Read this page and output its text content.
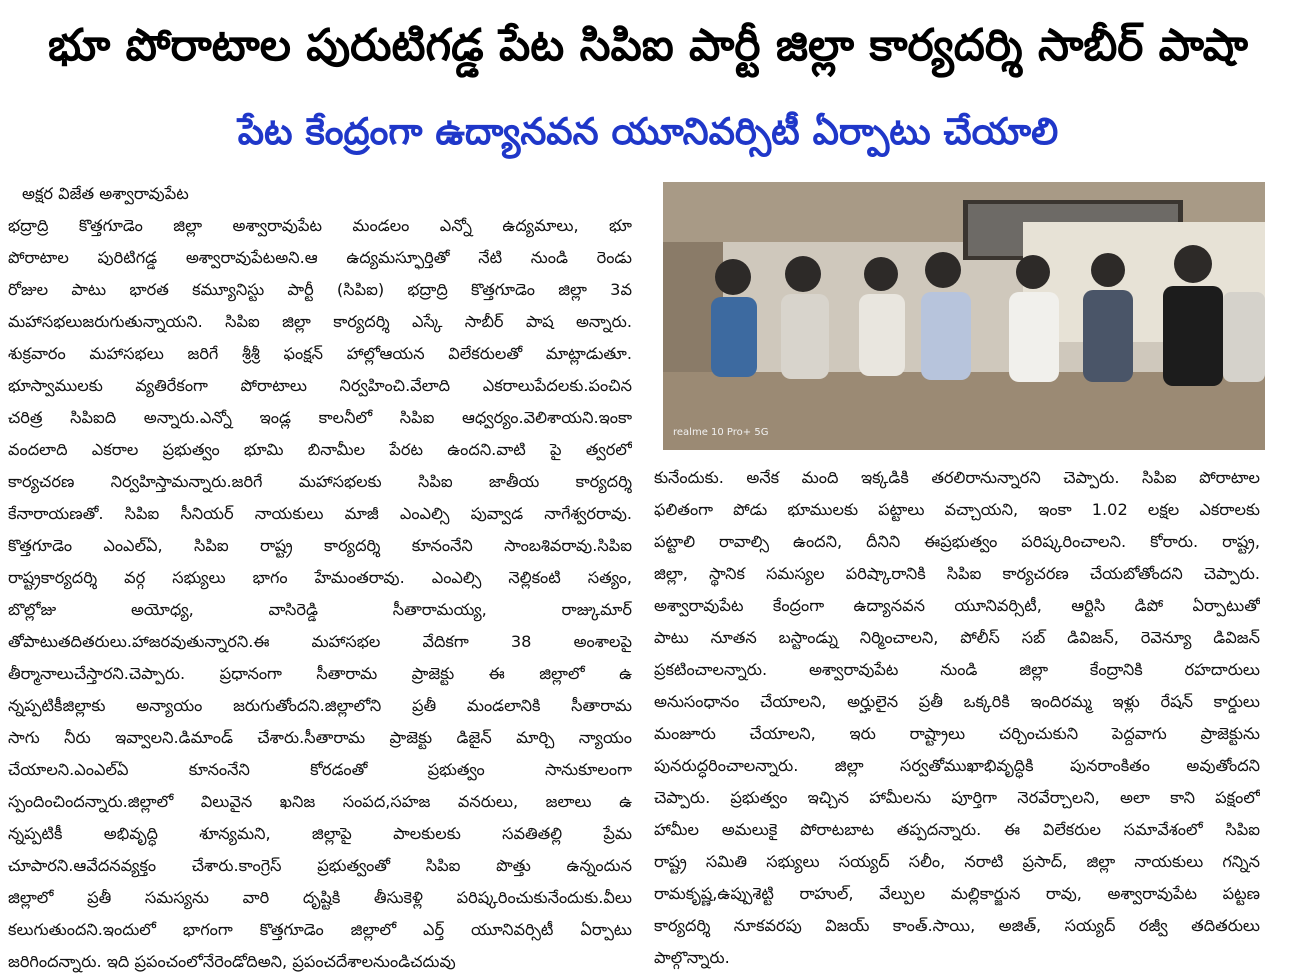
భూ పోరాటాల పురుటిగడ్డ పేట సిపిఐ పార్టీ జిల్లా కార్యదర్శి సాబీర్ పాషా
పేట కేంద్రంగా ఉద్యానవన యూనివర్సిటీ ఏర్పాటు చేయాలి
అక్షర విజేత అశ్వారావుపేట
భద్రాద్రి కొత్తగూడెం జిల్లా అశ్వారావుపేట మండలం ఎన్నో ఉద్యమాలు, భూ
పోరాటాల పురిటిగడ్డ అశ్వారావుపేటఅని.ఆ ఉద్యమస్ఫూర్తితో నేటి నుండి రెండు
రోజుల పాటు భారత కమ్యూనిస్టు పార్టీ (సిపిఐ) భద్రాద్రి కొత్తగూడెం జిల్లా 3వ
మహాసభలుజరుగుతున్నాయని. సిపిఐ జిల్లా కార్యదర్శి ఎస్కే సాబీర్ పాష అన్నారు.
శుక్రవారం మహాసభలు జరిగే శ్రీశ్రీ ఫంక్షన్ హాల్లోఆయన విలేకరులతో మాట్లాడుతూ.
భూస్వాములకు వ్యతిరేకంగా పోరాటాలు నిర్వహించి.వేలాది ఎకరాలుపేదలకు.పంచిన
చరిత్ర సిపిఐది అన్నారు.ఎన్నో ఇండ్ల కాలనీలో సిపిఐ ఆధ్వర్యం.వెలిశాయని.ఇంకా
వందలాది ఎకరాల ప్రభుత్వం భూమి బినామీల పేరట ఉందని.వాటి పై త్వరలో
కార్యచరణ నిర్వహిస్తామన్నారు.జరిగే మహాసభలకు సిపిఐ జాతీయ కార్యదర్శి
కేనారాయణతో. సిపిఐ సీనియర్ నాయకులు మాజీ ఎంఎల్సి పువ్వాడ నాగేశ్వరరావు.
కొత్తగూడెం ఎంఎల్ఏ, సిపిఐ రాష్ట్ర కార్యదర్శి కూనంనేని సాంబశివరావు.సిపిఐ
రాష్ట్రకార్యదర్శి వర్గ సభ్యులు భాగం హేమంతరావు. ఎంఎల్సి నెల్లికంటి సత్యం,
బొల్లోజు అయోధ్య, వాసిరెడ్డి సీతారామయ్య, రాజ్కుమార్
తోపాటుతదితరులు.హాజరవుతున్నారని.ఈ మహాసభల వేదికగా 38 అంశాలపై
తీర్మానాలుచేస్తారని.చెప్పారు. ప్రధానంగా సీతారామ ప్రాజెక్టు ఈ జిల్లాలో ఉ
న్నప్పటికీజిల్లాకు అన్యాయం జరుగుతోందని.జిల్లాలోని ప్రతీ మండలానికి సీతారామ
సాగు నీరు ఇవ్వాలని.డిమాండ్ చేశారు.సీతారామ ప్రాజెక్టు డిజైన్ మార్చి న్యాయం
చేయాలని.ఎంఎల్ఏ కూనంనేని కోరడంతో ప్రభుత్వం సానుకూలంగా
స్పందించిందన్నారు.జిల్లాలో విలువైన ఖనిజ సంపద,సహజ వనరులు, జలాలు ఉ
న్నప్పటికీ అభివృద్ధి శూన్యమని, జిల్లాపై పాలకులకు సవతితల్లి ప్రేమ
చూపారని.ఆవేదనవ్యక్తం చేశారు.కాంగ్రెస్ ప్రభుత్వంతో సిపిఐ పొత్తు ఉన్నందున
జిల్లాలో ప్రతీ సమస్యను వారి దృష్టికి తీసుకెళ్లి పరిష్కరించుకునేందుకు.వీలు
కలుగుతుందని.ఇందులో భాగంగా కొత్తగూడెం జిల్లాలో ఎర్త్ యూనివర్సిటీ ఏర్పాటు
జరిగిందన్నారు. ఇది ప్రపంచంలోనేరెండోదిఅని, ప్రపంచదేశాలనుండిచదువు
realme 10 Pro+ 5G
కునేందుకు. అనేక మంది ఇక్కడికి తరలిరానున్నారని చెప్పారు. సిపిఐ పోరాటాల
ఫలితంగా పోడు భూములకు పట్టాలు వచ్చాయని, ఇంకా 1.02 లక్షల ఎకరాలకు
పట్టాలి రావాల్సి ఉందని, దీనిని ఈప్రభుత్వం పరిష్కరించాలని. కోరారు. రాష్ట్ర,
జిల్లా, స్థానిక సమస్యల పరిష్కారానికి సిపిఐ కార్యచరణ చేయబోతోందని చెప్పారు.
అశ్వారావుపేట కేంద్రంగా ఉద్యానవన యూనివర్సిటీ, ఆర్టిసి డిపో ఏర్పాటుతో
పాటు నూతన బస్టాండ్ను నిర్మించాలని, పోలీస్ సబ్ డివిజన్, రెవెన్యూ డివిజన్
ప్రకటించాలన్నారు. అశ్వారావుపేట నుండి జిల్లా కేంద్రానికి రహదారులు
అనుసంధానం చేయాలని, అర్హులైన ప్రతీ ఒక్కరికి ఇందిరమ్మ ఇళ్లు రేషన్ కార్డులు
మంజూరు చేయాలని, ఇరు రాష్ట్రాలు చర్చించుకుని పెద్దవాగు ప్రాజెక్టును
పునరుద్ధరించాలన్నారు. జిల్లా సర్వతోముఖాభివృద్ధికి పునరాంకితం అవుతోందని
చెప్పారు. ప్రభుత్వం ఇచ్చిన హామీలను పూర్తిగా నెరవేర్చాలని, అలా కాని పక్షంలో
హామీల అమలుకై పోరాటబాట తప్పదన్నారు. ఈ విలేకరుల సమావేశంలో సిపిఐ
రాష్ట్ర సమితి సభ్యులు సయ్యద్ సలీం, నరాటి ప్రసాద్, జిల్లా నాయకులు గన్నిన
రామకృష్ణ,ఉప్పుశెట్టి రాహుల్, వేల్పుల మల్లికార్జున రావు, అశ్వారావుపేట పట్టణ
కార్యదర్శి నూకవరపు విజయ్ కాంత్.సాయి, అజిత్, సయ్యద్ రజ్వీ తదితరులు
పాల్గొన్నారు.
